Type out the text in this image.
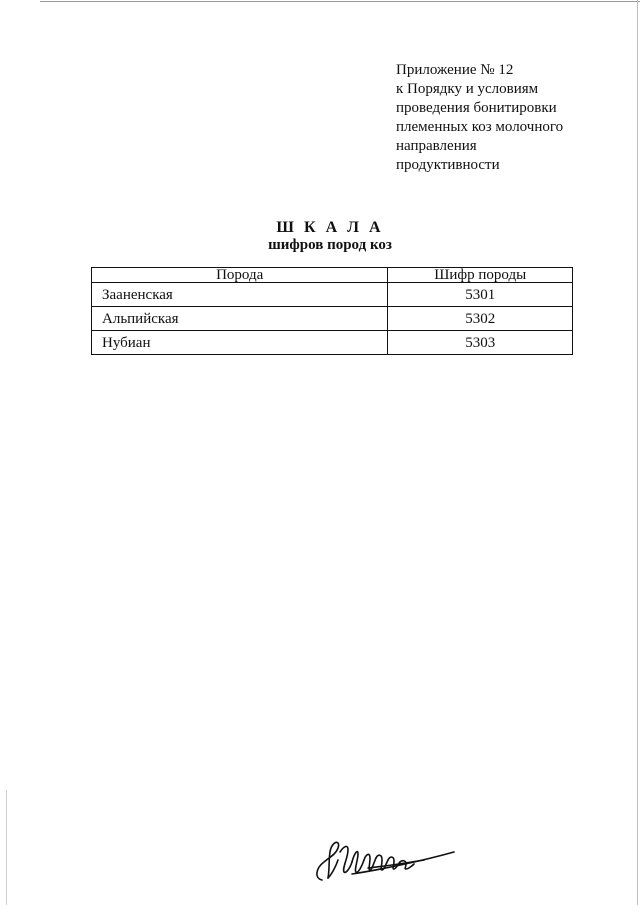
Приложение № 12
к Порядку и условиям
проведения бонитировки
племенных коз молочного
направления
продуктивности
Ш К А Л А
шифров пород коз
Порода	Шифр породы
Зааненская	5301
Альпийская	5302
Нубиан	5303
